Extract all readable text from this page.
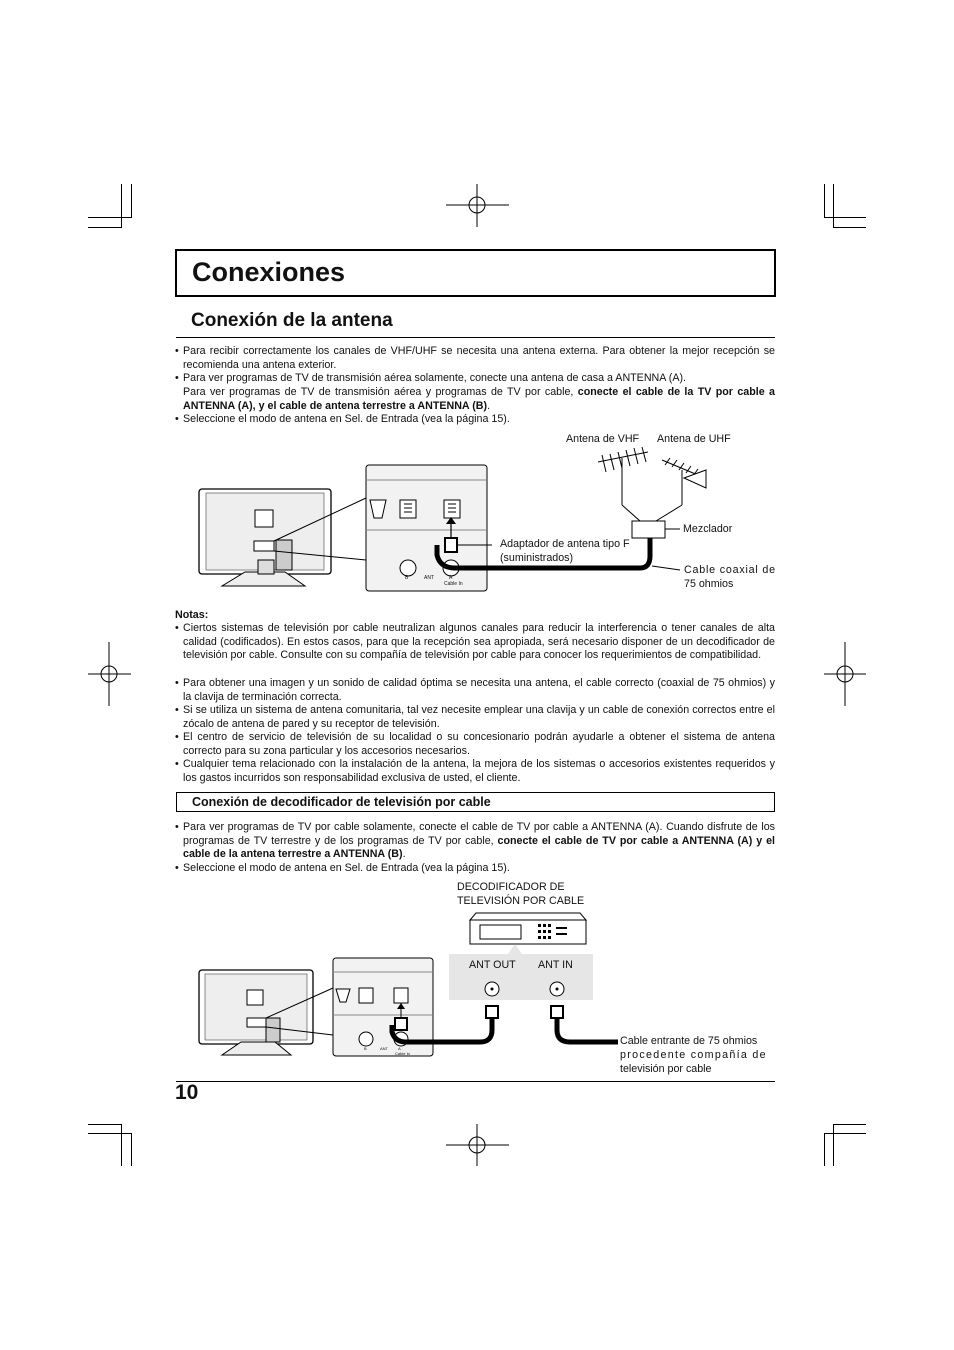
Conexiones
Conexión de la antena
• Para recibir correctamente los canales de VHF/UHF se necesita una antena externa. Para obtener la mejor recepción se recomienda una antena exterior.
• Para ver programas de TV de transmisión aérea solamente, conecte una antena de casa a ANTENNA (A).
Para ver programas de TV de transmisión aérea y programas de TV por cable, conecte el cable de la TV por cable a ANTENNA (A), y el cable de antena terrestre a ANTENNA (B).
• Seleccione el modo de antena en Sel. de Entrada (vea la página 15).
Antena de VHF Antena de UHF
Mezclador
Adaptador de antena tipo F
(suministrados)
Cable coaxial de
75 ohmios
B	ANT	A
Cable In
Notas:
• Ciertos sistemas de televisión por cable neutralizan algunos canales para reducir la interferencia o tener canales de alta calidad (codificados). En estos casos, para que la recepción sea apropiada, será necesario disponer de un decodificador de televisión por cable. Consulte con su compañía de televisión por cable para conocer los requerimientos de compatibilidad.
• Para obtener una imagen y un sonido de calidad óptima se necesita una antena, el cable correcto (coaxial de 75 ohmios) y la clavija de terminación correcta.
• Si se utiliza un sistema de antena comunitaria, tal vez necesite emplear una clavija y un cable de conexión correctos entre el zócalo de antena de pared y su receptor de televisión.
• El centro de servicio de televisión de su localidad o su concesionario podrán ayudarle a obtener el sistema de antena correcto para su zona particular y los accesorios necesarios.
• Cualquier tema relacionado con la instalación de la antena, la mejora de los sistemas o accesorios existentes requeridos y los gastos incurridos son responsabilidad exclusiva de usted, el cliente.
Conexión de decodificador de televisión por cable
• Para ver programas de TV por cable solamente, conecte el cable de TV por cable a ANTENNA (A). Cuando disfrute de los programas de TV terrestre y de los programas de TV por cable, conecte el cable de TV por cable a ANTENNA (A) y el cable de la antena terrestre a ANTENNA (B).
• Seleccione el modo de antena en Sel. de Entrada (vea la página 15).
DECODIFICADOR DE
TELEVISIÓN POR CABLE
ANT OUT ANT IN
Cable entrante de 75 ohmios
procedente compañía de
televisión por cable
B	ANT	A
Cable In
10
